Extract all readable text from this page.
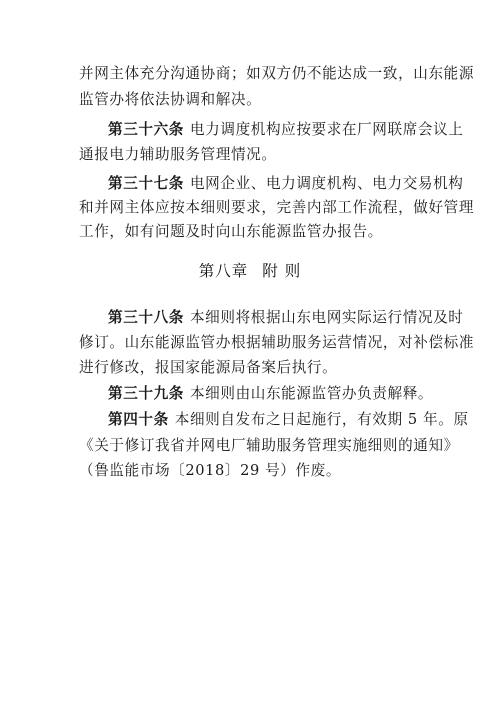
并网主体充分沟通协商；如双方仍不能达成一致，山东能源
监管办将依法协调和解决。
第三十六条 电力调度机构应按要求在厂网联席会议上
通报电力辅助服务管理情况。
第三十七条 电网企业、电力调度机构、电力交易机构
和并网主体应按本细则要求，完善内部工作流程，做好管理
工作，如有问题及时向山东能源监管办报告。
第八章 附 则
第三十八条 本细则将根据山东电网实际运行情况及时
修订。山东能源监管办根据辅助服务运营情况，对补偿标准
进行修改，报国家能源局备案后执行。
第三十九条 本细则由山东能源监管办负责解释。
第四十条 本细则自发布之日起施行，有效期 5 年。原
《关于修订我省并网电厂辅助服务管理实施细则的通知》
（鲁监能市场〔2018〕29 号）作废。
